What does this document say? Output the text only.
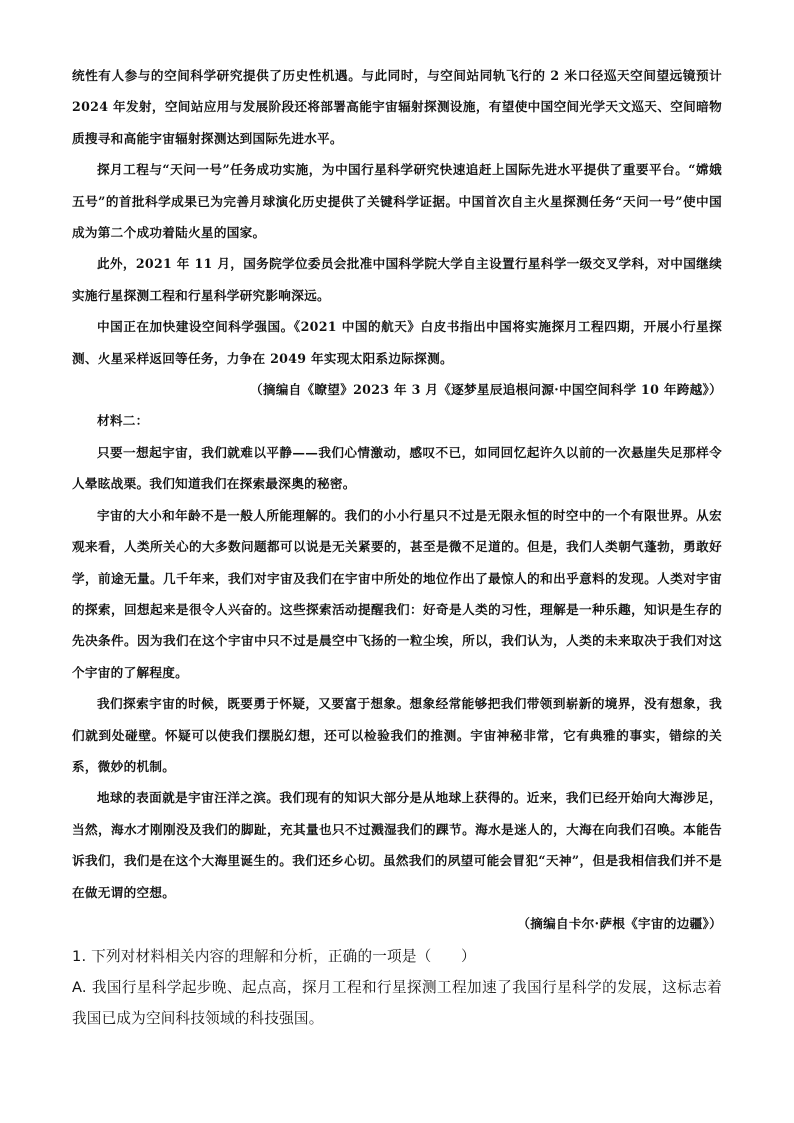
统性有人参与的空间科学研究提供了历史性机遇。与此同时，与空间站同轨飞行的 2 米口径巡天空间望远镜预计 2024 年发射，空间站应用与发展阶段还将部署高能宇宙辐射探测设施，有望使中国空间光学天文巡天、空间暗物质搜寻和高能宇宙辐射探测达到国际先进水平。

探月工程与“天问一号”任务成功实施，为中国行星科学研究快速追赶上国际先进水平提供了重要平台。“嫦娥五号”的首批科学成果已为完善月球演化历史提供了关键科学证据。中国首次自主火星探测任务“天问一号”使中国成为第二个成功着陆火星的国家。

此外，2021 年 11 月，国务院学位委员会批准中国科学院大学自主设置行星科学一级交叉学科，对中国继续实施行星探测工程和行星科学研究影响深远。

中国正在加快建设空间科学强国。《2021 中国的航天》白皮书指出中国将实施探月工程四期，开展小行星探测、火星采样返回等任务，力争在 2049 年实现太阳系边际探测。

（摘编自《瞭望》2023 年 3 月《逐梦星辰追根问源·中国空间科学 10 年跨越》）

材料二：

只要一想起宇宙，我们就难以平静——我们心情激动，感叹不已，如同回忆起许久以前的一次悬崖失足那样令人晕眩战栗。我们知道我们在探索最深奥的秘密。

宇宙的大小和年龄不是一般人所能理解的。我们的小小行星只不过是无限永恒的时空中的一个有限世界。从宏观来看，人类所关心的大多数问题都可以说是无关紧要的，甚至是微不足道的。但是，我们人类朝气蓬勃，勇敢好学，前途无量。几千年来，我们对宇宙及我们在宇宙中所处的地位作出了最惊人的和出乎意料的发现。人类对宇宙的探索，回想起来是很令人兴奋的。这些探索活动提醒我们：好奇是人类的习性，理解是一种乐趣，知识是生存的先决条件。因为我们在这个宇宙中只不过是晨空中飞扬的一粒尘埃，所以，我们认为，人类的未来取决于我们对这个宇宙的了解程度。

我们探索宇宙的时候，既要勇于怀疑，又要富于想象。想象经常能够把我们带领到崭新的境界，没有想象，我们就到处碰壁。怀疑可以使我们摆脱幻想，还可以检验我们的推测。宇宙神秘非常，它有典雅的事实，错综的关系，微妙的机制。

地球的表面就是宇宙汪洋之滨。我们现有的知识大部分是从地球上获得的。近来，我们已经开始向大海涉足，当然，海水才刚刚没及我们的脚趾，充其量也只不过溅湿我们的踝节。海水是迷人的，大海在向我们召唤。本能告诉我们，我们是在这个大海里诞生的。我们还乡心切。虽然我们的夙望可能会冒犯“天神”，但是我相信我们并不是在做无谓的空想。

（摘编自卡尔·萨根《宇宙的边疆》）

1. 下列对材料相关内容的理解和分析，正确的一项是（　　）

A. 我国行星科学起步晚、起点高，探月工程和行星探测工程加速了我国行星科学的发展，这标志着我国已成为空间科技领域的科技强国。
